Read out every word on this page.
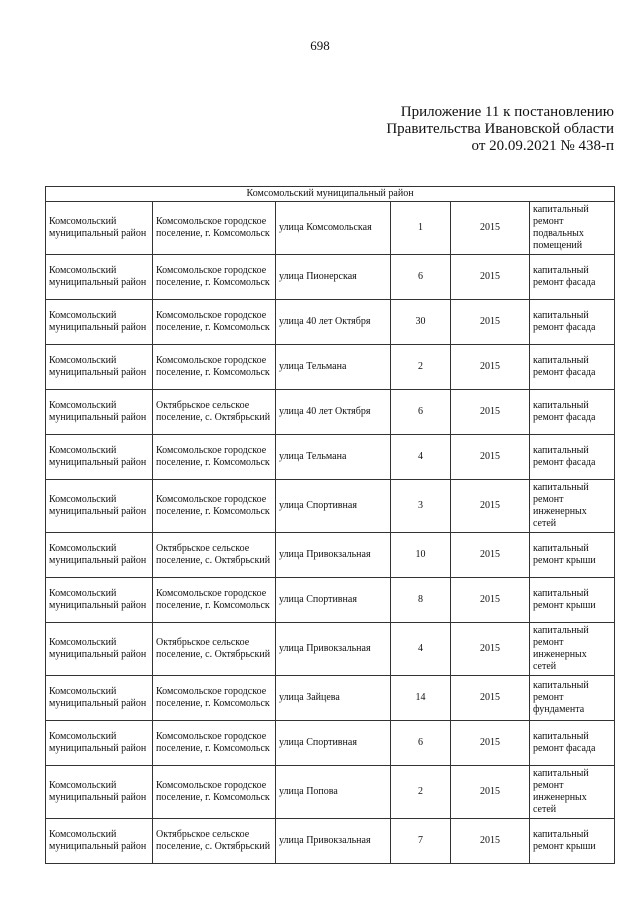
698
Приложение 11 к постановлению
Правительства Ивановской области
от 20.09.2021 № 438-п
Комсомольский муниципальный район					
Комсомольский муниципальный район	Комсомольское городское поселение, г. Комсомольск	улица Комсомольская	1	2015	капитальный ремонт подвальных помещений
Комсомольский муниципальный район	Комсомольское городское поселение, г. Комсомольск	улица Пионерская	6	2015	капитальный ремонт фасада
Комсомольский муниципальный район	Комсомольское городское поселение, г. Комсомольск	улица 40 лет Октября	30	2015	капитальный ремонт фасада
Комсомольский муниципальный район	Комсомольское городское поселение, г. Комсомольск	улица Тельмана	2	2015	капитальный ремонт фасада
Комсомольский муниципальный район	Октябрьское сельское поселение, с. Октябрьский	улица 40 лет Октября	6	2015	капитальный ремонт фасада
Комсомольский муниципальный район	Комсомольское городское поселение, г. Комсомольск	улица Тельмана	4	2015	капитальный ремонт фасада
Комсомольский муниципальный район	Комсомольское городское поселение, г. Комсомольск	улица Спортивная	3	2015	капитальный ремонт инженерных сетей
Комсомольский муниципальный район	Октябрьское сельское поселение, с. Октябрьский	улица Привокзальная	10	2015	капитальный ремонт крыши
Комсомольский муниципальный район	Комсомольское городское поселение, г. Комсомольск	улица Спортивная	8	2015	капитальный ремонт крыши
Комсомольский муниципальный район	Октябрьское сельское поселение, с. Октябрьский	улица Привокзальная	4	2015	капитальный ремонт инженерных сетей
Комсомольский муниципальный район	Комсомольское городское поселение, г. Комсомольск	улица Зайцева	14	2015	капитальный ремонт фундамента
Комсомольский муниципальный район	Комсомольское городское поселение, г. Комсомольск	улица Спортивная	6	2015	капитальный ремонт фасада
Комсомольский муниципальный район	Комсомольское городское поселение, г. Комсомольск	улица Попова	2	2015	капитальный ремонт инженерных сетей
Комсомольский муниципальный район	Октябрьское сельское поселение, с. Октябрьский	улица Привокзальная	7	2015	капитальный ремонт крыши
